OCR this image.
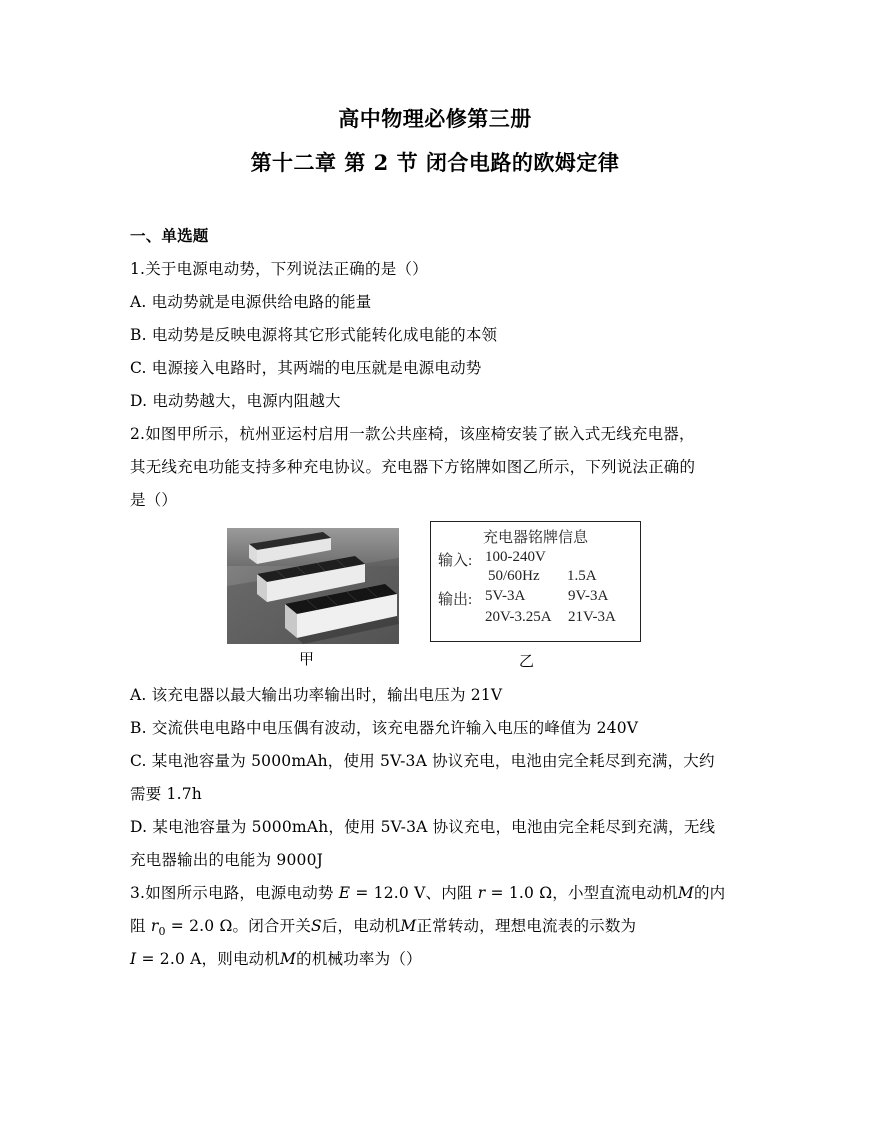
高中物理必修第三册
第十二章 第 2 节 闭合电路的欧姆定律
一、单选题
1.关于电源电动势，下列说法正确的是（）
A. 电动势就是电源供给电路的能量
B. 电动势是反映电源将其它形式能转化成电能的本领
C. 电源接入电路时，其两端的电压就是电源电动势
D. 电动势越大，电源内阻越大
2.如图甲所示，杭州亚运村启用一款公共座椅，该座椅安装了嵌入式无线充电器，
其无线充电功能支持多种充电协议。充电器下方铭牌如图乙所示，下列说法正确的
是（）
甲
充电器铭牌信息
输入: 100-240V
50/60Hz 1.5A
输出: 5V-3A	9V-3A
20V-3.25A 21V-3A
乙
A. 该充电器以最大输出功率输出时，输出电压为 21V
B. 交流供电电路中电压偶有波动，该充电器允许输入电压的峰值为 240V
C. 某电池容量为 5000mAh，使用 5V-3A 协议充电，电池由完全耗尽到充满，大约
需要 1.7h
D. 某电池容量为 5000mAh，使用 5V-3A 协议充电，电池由完全耗尽到充满，无线
充电器输出的电能为 9000J
3.如图所示电路，电源电动势 E = 12.0 V、内阻 r = 1.0 Ω，小型直流电动机M的内
阻 $r_0 = 2.0$ Ω。闭合开关S后，电动机M正常转动，理想电流表的示数为
I = 2.0 A，则电动机M的机械功率为（）
